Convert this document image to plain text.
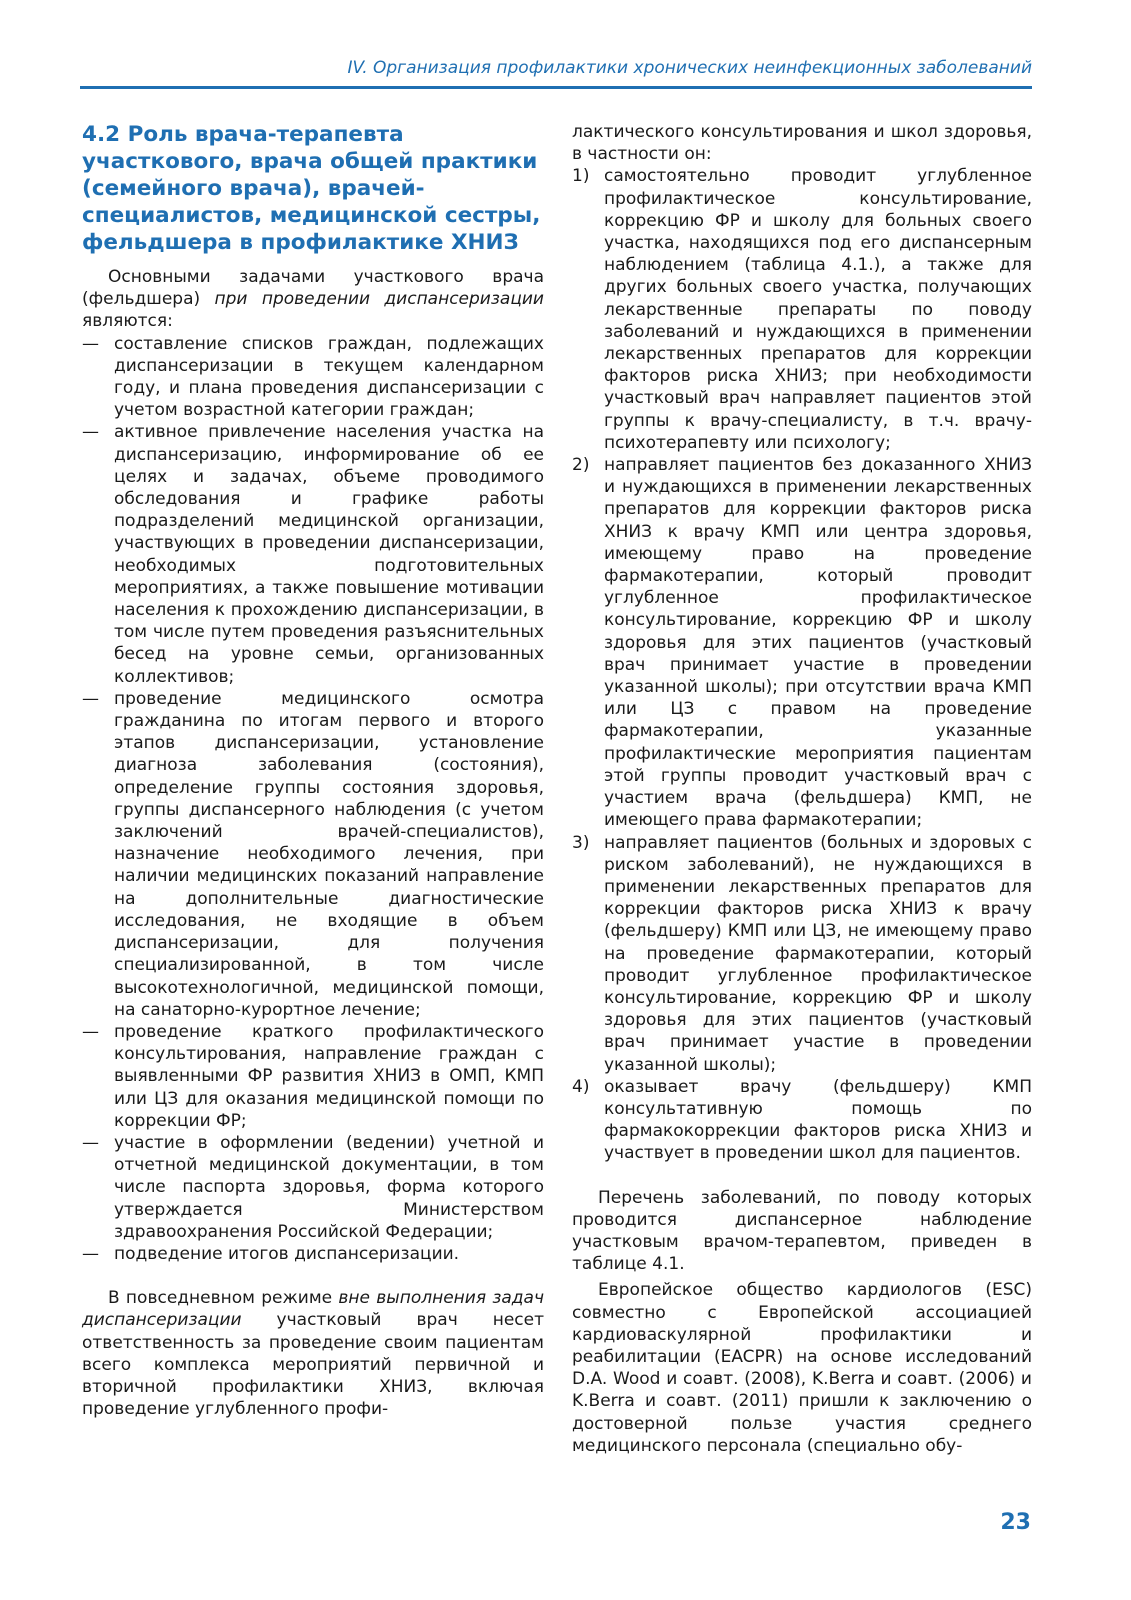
IV. Организация профилактики хронических неинфекционных заболеваний
4.2 Роль врача-терапевта участкового, врача общей практики (семейного врача), врачей-специалистов, медицинской сестры, фельдшера в профилактике ХНИЗ

Основными задачами участкового врача (фельдшера) при проведении диспансеризации являются:

— составление списков граждан, подлежащих диспансеризации в текущем календарном году, и плана проведения диспансеризации с учетом возрастной категории граждан;
— активное привлечение населения участка на диспансеризацию, информирование об ее целях и задачах, объеме проводимого обследования и графике работы подразделений медицинской организации, участвующих в проведении диспансеризации, необходимых подготовительных мероприятиях, а также повышение мотивации населения к прохождению диспансеризации, в том числе путем проведения разъяснительных бесед на уровне семьи, организованных коллективов;
— проведение медицинского осмотра гражданина по итогам первого и второго этапов диспансеризации, установление диагноза заболевания (состояния), определение группы состояния здоровья, группы диспансерного наблюдения (с учетом заключений врачей-специалистов), назначение необходимого лечения, при наличии медицинских показаний направление на дополнительные диагностические исследования, не входящие в объем диспансеризации, для получения специализированной, в том числе высокотехнологичной, медицинской помощи, на санаторно-курортное лечение;
— проведение краткого профилактического консультирования, направление граждан с выявленными ФР развития ХНИЗ в ОМП, КМП или ЦЗ для оказания медицинской помощи по коррекции ФР;
— участие в оформлении (ведении) учетной и отчетной медицинской документации, в том числе паспорта здоровья, форма которого утверждается Министерством здравоохранения Российской Федерации;
— подведение итогов диспансеризации.

В повседневном режиме вне выполнения задач диспансеризации участковый врач несет ответственность за проведение своим пациентам всего комплекса мероприятий первичной и вторичной профилактики ХНИЗ, включая проведение углубленного профи-

лактического консультирования и школ здоровья, в частности он:

1) самостоятельно проводит углубленное профилактическое консультирование, коррекцию ФР и школу для больных своего участка, находящихся под его диспансерным наблюдением (таблица 4.1.), а также для других больных своего участка, получающих лекарственные препараты по поводу заболеваний и нуждающихся в применении лекарственных препаратов для коррекции факторов риска ХНИЗ; при необходимости участковый врач направляет пациентов этой группы к врачу-специалисту, в т.ч. врачу-психотерапевту или психологу;
2) направляет пациентов без доказанного ХНИЗ и нуждающихся в применении лекарственных препаратов для коррекции факторов риска ХНИЗ к врачу КМП или центра здоровья, имеющему право на проведение фармакотерапии, который проводит углубленное профилактическое консультирование, коррекцию ФР и школу здоровья для этих пациентов (участковый врач принимает участие в проведении указанной школы); при отсутствии врача КМП или ЦЗ с правом на проведение фармакотерапии, указанные профилактические мероприятия пациентам этой группы проводит участковый врач с участием врача (фельдшера) КМП, не имеющего права фармакотерапии;
3) направляет пациентов (больных и здоровых с риском заболеваний), не нуждающихся в применении лекарственных препаратов для коррекции факторов риска ХНИЗ к врачу (фельдшеру) КМП или ЦЗ, не имеющему право на проведение фармакотерапии, который проводит углубленное профилактическое консультирование, коррекцию ФР и школу здоровья для этих пациентов (участковый врач принимает участие в проведении указанной школы);
4) оказывает врачу (фельдшеру) КМП консультативную помощь по фармакокоррекции факторов риска ХНИЗ и участвует в проведении школ для пациентов.

Перечень заболеваний, по поводу которых проводится диспансерное наблюдение участковым врачом-терапевтом, приведен в таблице 4.1.

Европейское общество кардиологов (ESC) совместно с Европейской ассоциацией кардиоваскулярной профилактики и реабилитации (EACPR) на основе исследований D.A. Wood и соавт. (2008), K.Berra и соавт. (2006) и K.Berra и соавт. (2011) пришли к заключению о достоверной пользе участия среднего медицинского персонала (специально обу-

23
